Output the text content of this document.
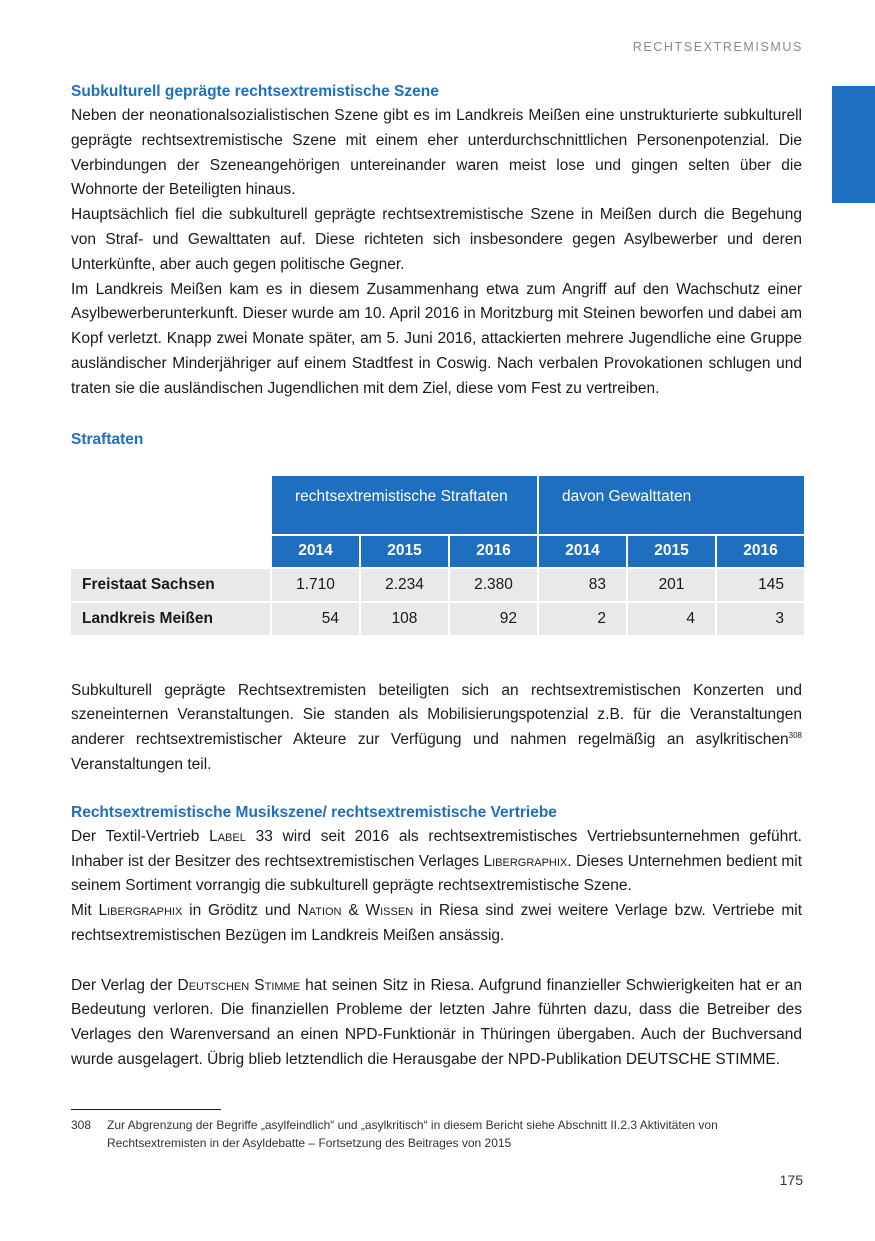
RECHTSEXTREMISMUS
Subkulturell geprägte rechtsextremistische Szene

Neben der neonationalsozialistischen Szene gibt es im Landkreis Meißen eine unstrukturierte subkulturell geprägte rechtsextremistische Szene mit einem eher unterdurchschnittlichen Personenpotenzial. Die Verbindungen der Szeneangehörigen untereinander waren meist lose und gingen selten über die Wohnorte der Beteiligten hinaus.

Hauptsächlich fiel die subkulturell geprägte rechtsextremistische Szene in Meißen durch die Begehung von Straf- und Gewalttaten auf. Diese richteten sich insbesondere gegen Asylbewerber und deren Unterkünfte, aber auch gegen politische Gegner.

Im Landkreis Meißen kam es in diesem Zusammenhang etwa zum Angriff auf den Wachschutz einer Asylbewerberunterkunft. Dieser wurde am 10. April 2016 in Moritzburg mit Steinen beworfen und dabei am Kopf verletzt. Knapp zwei Monate später, am 5. Juni 2016, attackierten mehrere Jugendliche eine Gruppe ausländischer Minderjähriger auf einem Stadtfest in Coswig. Nach verbalen Provokationen schlugen und traten sie die ausländischen Jugendlichen mit dem Ziel, diese vom Fest zu vertreiben.

Straftaten
	rechtsextremistische Straftaten			davon Gewalttaten		
	2014	2015	2016	2014	2015	2016
Freistaat Sachsen	1.710	2.234	2.380	83	201	145
Landkreis Meißen	54	108	92	2	4	3

Subkulturell geprägte Rechtsextremisten beteiligten sich an rechtsextremistischen Konzerten und szeneinternen Veranstaltungen. Sie standen als Mobilisierungspotenzial z.B. für die Veranstaltungen anderer rechtsextremistischer Akteure zur Verfügung und nahmen regelmäßig an asylkritischen$^{308}$ Veranstaltungen teil.

Rechtsextremistische Musikszene/ rechtsextremistische Vertriebe

Der Textil-Vertrieb Label 33 wird seit 2016 als rechtsextremistisches Vertriebsunternehmen geführt. Inhaber ist der Besitzer des rechtsextremistischen Verlages Libergraphix. Dieses Unternehmen bedient mit seinem Sortiment vorrangig die subkulturell geprägte rechtsextremistische Szene.

Mit Libergraphix in Gröditz und Nation & Wissen in Riesa sind zwei weitere Verlage bzw. Vertriebe mit rechtsextremistischen Bezügen im Landkreis Meißen ansässig.

Der Verlag der Deutschen Stimme hat seinen Sitz in Riesa. Aufgrund finanzieller Schwierigkeiten hat er an Bedeutung verloren. Die finanziellen Probleme der letzten Jahre führten dazu, dass die Betreiber des Verlages den Warenversand an einen NPD-Funktionär in Thüringen übergaben. Auch der Buchversand wurde ausgelagert. Übrig blieb letztendlich die Herausgabe der NPD-Publikation DEUTSCHE STIMME.

308 Zur Abgrenzung der Begriffe „asylfeindlich“ und „asylkritisch“ in diesem Bericht siehe Abschnitt II.2.3 Aktivitäten von Rechtsextremisten in der Asyldebatte – Fortsetzung des Beitrages von 2015
175
